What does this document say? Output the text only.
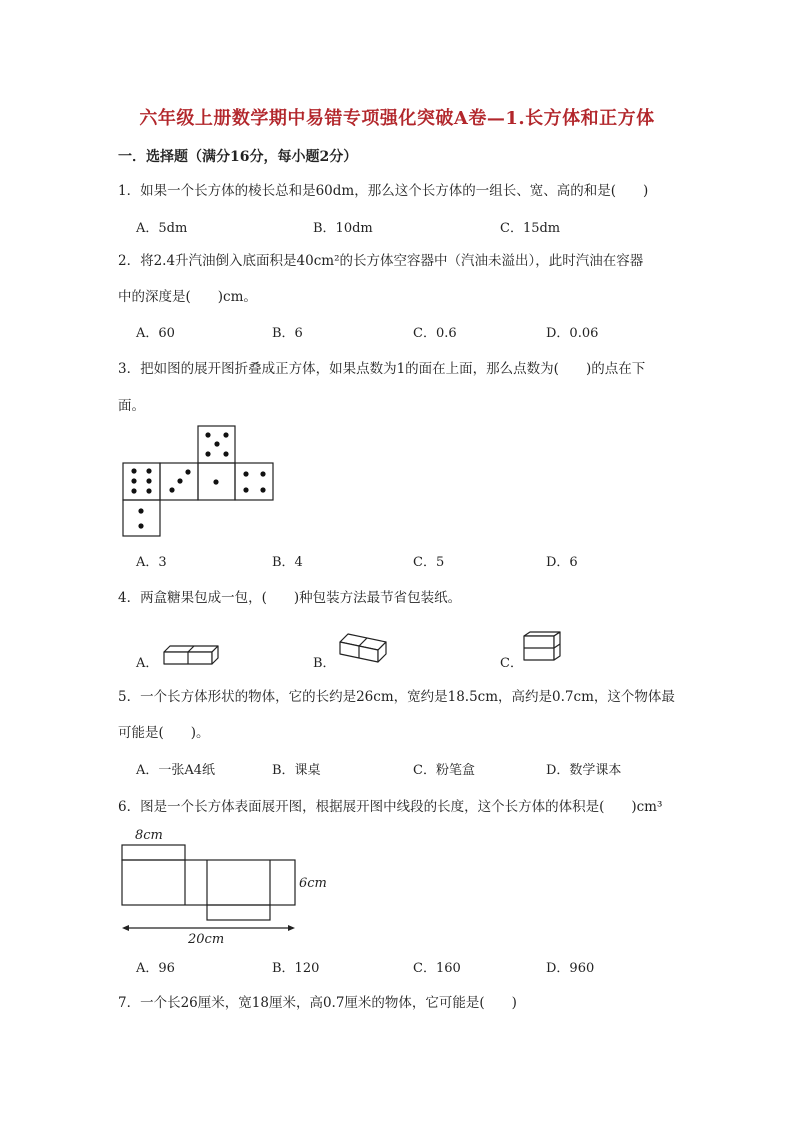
六年级上册数学期中易错专项强化突破A卷—1.长方体和正方体
一．选择题（满分16分，每小题2分）
1．如果一个长方体的棱长总和是60dm，那么这个长方体的一组长、宽、高的和是(　　)
A．5dm	B．10dm	C．15dm
2．将2.4升汽油倒入底面积是40cm²的长方体空容器中（汽油未溢出），此时汽油在容器
中的深度是(　　)cm。
A．60	B．6	C．0.6	D．0.06
3．把如图的展开图折叠成正方体，如果点数为1的面在上面，那么点数为(　　)的点在下
面。
A．3	B．4	C．5	D．6
4．两盒糖果包成一包，(　　)种包装方法最节省包装纸。
A．	B．	C．
5．一个长方体形状的物体，它的长约是26cm，宽约是18.5cm，高约是0.7cm，这个物体最
可能是(　　)。
A．一张A4纸	B．课桌	C．粉笔盒	D．数学课本
6．图是一个长方体表面展开图，根据展开图中线段的长度，这个长方体的体积是(　　)cm³
8cm
6cm
20cm
A．96	B．120	C．160	D．960
7．一个长26厘米，宽18厘米，高0.7厘米的物体，它可能是(　　)
